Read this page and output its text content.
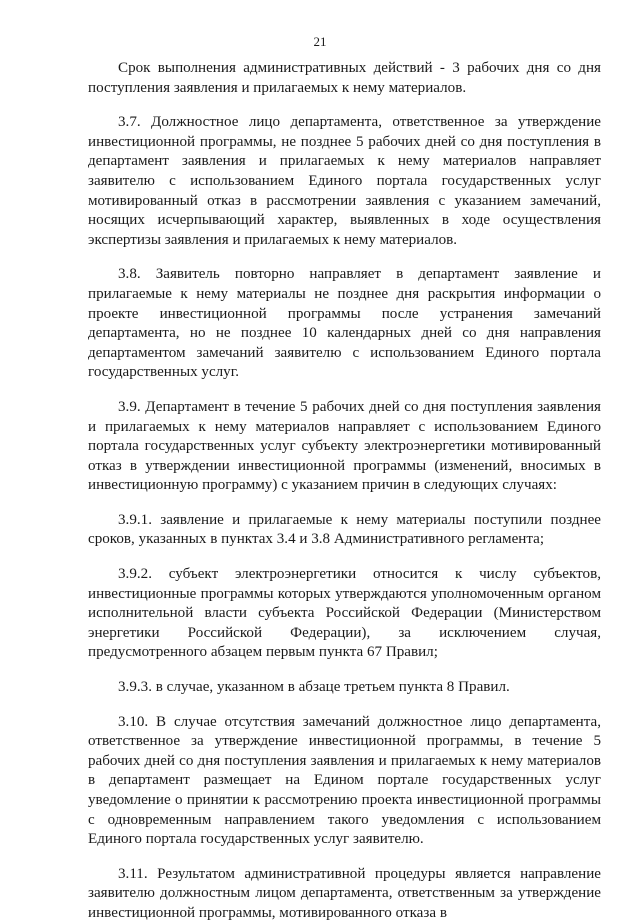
21

Срок выполнения административных действий - 3 рабочих дня со дня поступления заявления и прилагаемых к нему материалов.

3.7. Должностное лицо департамента, ответственное за утверждение инвестиционной программы, не позднее 5 рабочих дней со дня поступления в департамент заявления и прилагаемых к нему материалов направляет заявителю с использованием Единого портала государственных услуг мотивированный отказ в рассмотрении заявления с указанием замечаний, носящих исчерпывающий характер, выявленных в ходе осуществления экспертизы заявления и прилагаемых к нему материалов.

3.8. Заявитель повторно направляет в департамент заявление и прилагаемые к нему материалы не позднее дня раскрытия информации о проекте инвестиционной программы после устранения замечаний департамента, но не позднее 10 календарных дней со дня направления департаментом замечаний заявителю с использованием Единого портала государственных услуг.

3.9. Департамент в течение 5 рабочих дней со дня поступления заявления и прилагаемых к нему материалов направляет с использованием Единого портала государственных услуг субъекту электроэнергетики мотивированный отказ в утверждении инвестиционной программы (изменений, вносимых в инвестиционную программу) с указанием причин в следующих случаях:

3.9.1. заявление и прилагаемые к нему материалы поступили позднее сроков, указанных в пунктах 3.4 и 3.8 Административного регламента;

3.9.2. субъект электроэнергетики относится к числу субъектов, инвестиционные программы которых утверждаются уполномоченным органом исполнительной власти субъекта Российской Федерации (Министерством энергетики Российской Федерации), за исключением случая, предусмотренного абзацем первым пункта 67 Правил;

3.9.3. в случае, указанном в абзаце третьем пункта 8 Правил.

3.10. В случае отсутствия замечаний должностное лицо департамента, ответственное за утверждение инвестиционной программы, в течение 5 рабочих дней со дня поступления заявления и прилагаемых к нему материалов в департамент размещает на Едином портале государственных услуг уведомление о принятии к рассмотрению проекта инвестиционной программы с одновременным направлением такого уведомления с использованием Единого портала государственных услуг заявителю.

3.11. Результатом административной процедуры является направление заявителю должностным лицом департамента, ответственным за утверждение инвестиционной программы, мотивированного отказа в
